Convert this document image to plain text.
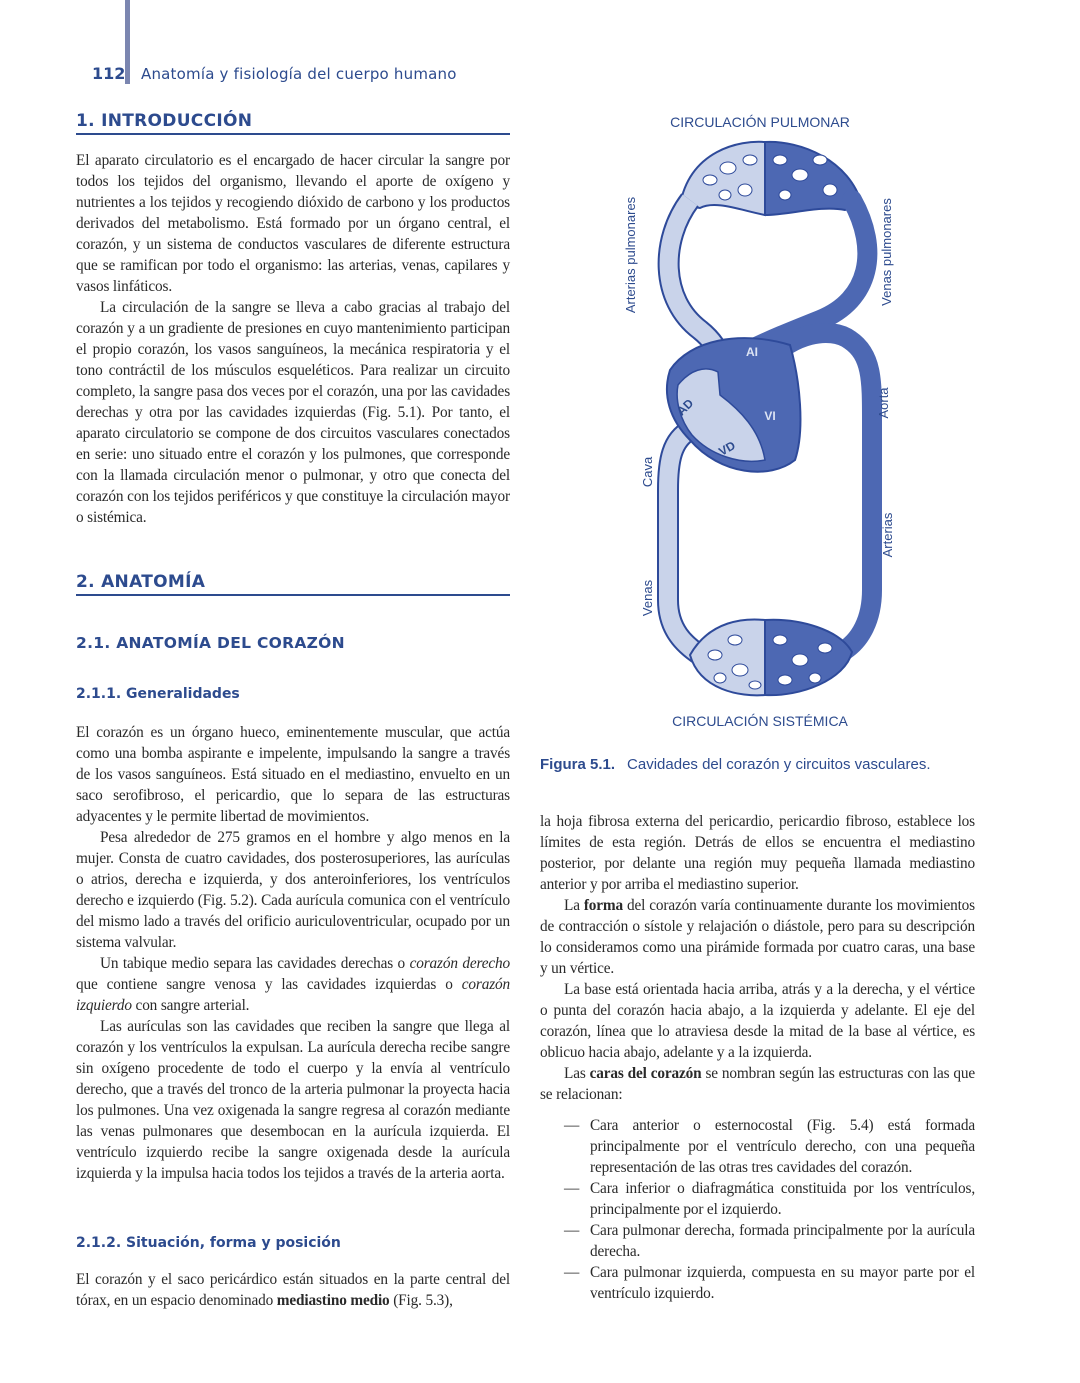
112 Anatomía y fisiología del cuerpo humano
1. INTRODUCCIÓN

El aparato circulatorio es el encargado de hacer circular la sangre por todos los tejidos del organismo, llevando el aporte de oxígeno y nutrientes a los tejidos y recogiendo dióxido de carbono y los productos derivados del metabolismo. Está formado por un órgano central, el corazón, y un sistema de conductos vasculares de diferente estructura que se ramifican por todo el organismo: las arterias, venas, capilares y vasos linfáticos.

La circulación de la sangre se lleva a cabo gracias al trabajo del corazón y a un gradiente de presiones en cuyo mantenimiento participan el propio corazón, los vasos sanguíneos, la mecánica respiratoria y el tono contráctil de los músculos esqueléticos. Para realizar un circuito completo, la sangre pasa dos veces por el corazón, una por las cavidades derechas y otra por las cavidades izquierdas (Fig. 5.1). Por tanto, el aparato circulatorio se compone de dos circuitos vasculares conectados en serie: uno situado entre el corazón y los pulmones, que corresponde con la llamada circulación menor o pulmonar, y otro que conecta del corazón con los tejidos periféricos y que constituye la circulación mayor o sistémica.

2. ANATOMÍA
2.1. ANATOMÍA DEL CORAZÓN
2.1.1. Generalidades

El corazón es un órgano hueco, eminentemente muscular, que actúa como una bomba aspirante e impelente, impulsando la sangre a través de los vasos sanguíneos. Está situado en el mediastino, envuelto en un saco serofibroso, el pericardio, que lo separa de las estructuras adyacentes y le permite libertad de movimientos.

Pesa alrededor de 275 gramos en el hombre y algo menos en la mujer. Consta de cuatro cavidades, dos posterosuperiores, las aurículas o atrios, derecha e izquierda, y dos anteroinferiores, los ventrículos derecho e izquierdo (Fig. 5.2). Cada aurícula comunica con el ventrículo del mismo lado a través del orificio auriculoventricular, ocupado por un sistema valvular.

Un tabique medio separa las cavidades derechas o corazón derecho que contiene sangre venosa y las cavidades izquierdas o corazón izquierdo con sangre arterial.

Las aurículas son las cavidades que reciben la sangre que llega al corazón y los ventrículos la expulsan. La aurícula derecha recibe sangre sin oxígeno procedente de todo el cuerpo y la envía al ventrículo derecho, que a través del tronco de la arteria pulmonar la proyecta hacia los pulmones. Una vez oxigenada la sangre regresa al corazón mediante las venas pulmonares que desembocan en la aurícula izquierda. El ventrículo izquierdo recibe la sangre oxigenada desde la aurícula izquierda y la impulsa hacia todos los tejidos a través de la arteria aorta.

2.1.2. Situación, forma y posición

El corazón y el saco pericárdico están situados en la parte central del tórax, en un espacio denominado mediastino medio (Fig. 5.3),

CIRCULACIÓN PULMONAR
CIRCULACIÓN SISTÉMICA
Arterias pulmonares	Venas pulmonares
AI
AD	VI
VD
Aorta
Cava
Arterias
Venas
Figura 5.1. Cavidades del corazón y circuitos vasculares.

la hoja fibrosa externa del pericardio, pericardio fibroso, establece los límites de esta región. Detrás de ellos se encuentra el mediastino posterior, por delante una región muy pequeña llamada mediastino anterior y por arriba el mediastino superior.

La forma del corazón varía continuamente durante los movimientos de contracción o sístole y relajación o diástole, pero para su descripción lo consideramos como una pirámide formada por cuatro caras, una base y un vértice.

La base está orientada hacia arriba, atrás y a la derecha, y el vértice o punta del corazón hacia abajo, a la izquierda y adelante. El eje del corazón, línea que lo atraviesa desde la mitad de la base al vértice, es oblicuo hacia abajo, adelante y a la izquierda.

Las caras del corazón se nombran según las estructuras con las que se relacionan:

— Cara anterior o esternocostal (Fig. 5.4) está formada principalmente por el ventrículo derecho, con una pequeña representación de las otras tres cavidades del corazón.
— Cara inferior o diafragmática constituida por los ventrículos, principalmente por el izquierdo.
— Cara pulmonar derecha, formada principalmente por la aurícula derecha.
— Cara pulmonar izquierda, compuesta en su mayor parte por el ventrículo izquierdo.
